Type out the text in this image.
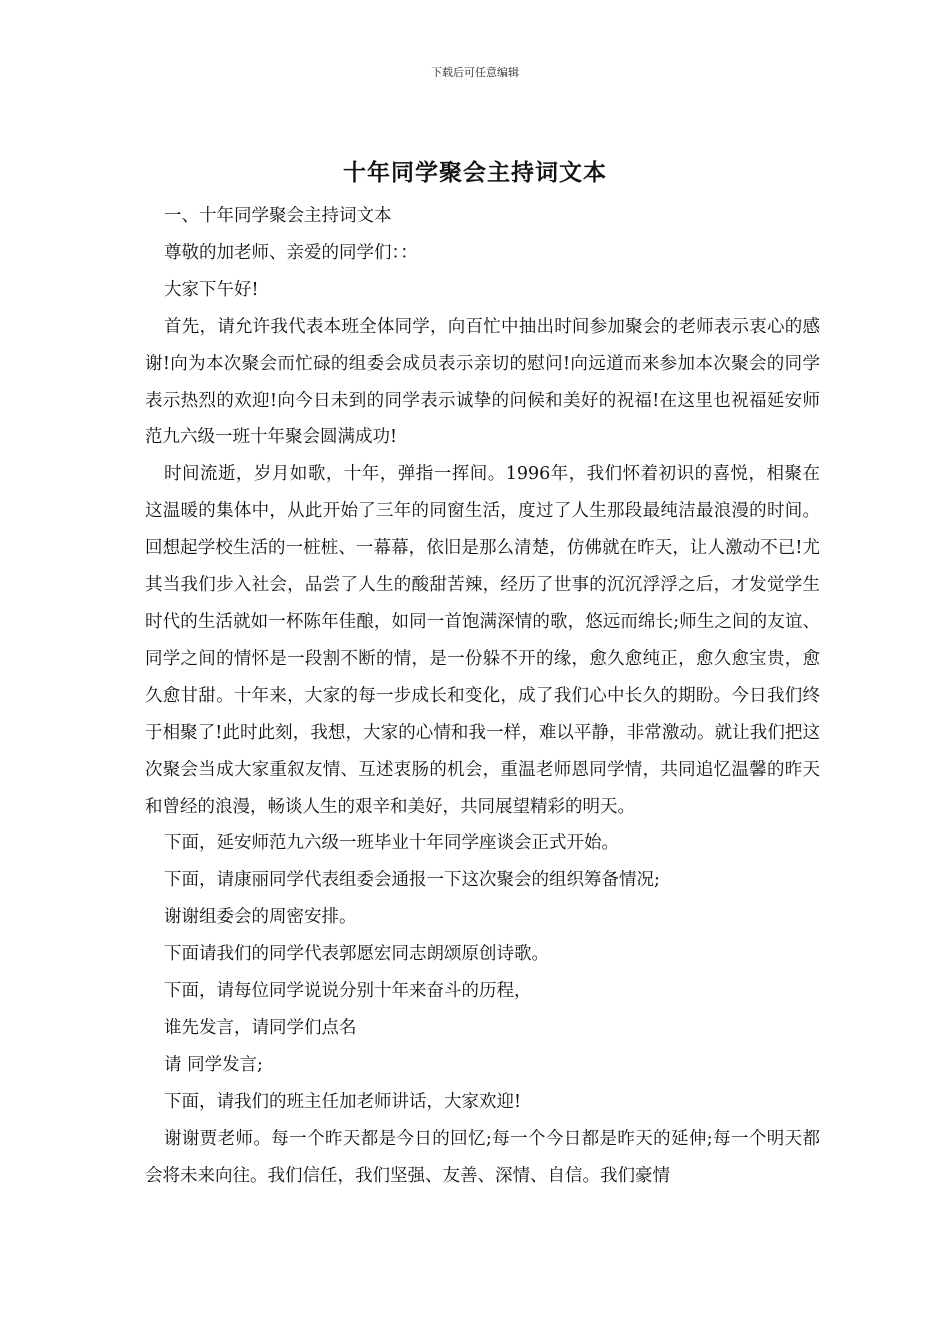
下载后可任意编辑
十年同学聚会主持词文本

一、十年同学聚会主持词文本

尊敬的加老师、亲爱的同学们：：

大家下午好!

首先，请允许我代表本班全体同学，向百忙中抽出时间参加聚会的老师表示衷心的感谢!向为本次聚会而忙碌的组委会成员表示亲切的慰问!向远道而来参加本次聚会的同学表示热烈的欢迎!向今日未到的同学表示诚挚的问候和美好的祝福!在这里也祝福延安师范九六级一班十年聚会圆满成功!

时间流逝，岁月如歌，十年，弹指一挥间。1996年，我们怀着初识的喜悦，相聚在这温暖的集体中，从此开始了三年的同窗生活，度过了人生那段最纯洁最浪漫的时间。回想起学校生活的一桩桩、一幕幕，依旧是那么清楚，仿佛就在昨天，让人激动不已!尤其当我们步入社会，品尝了人生的酸甜苦辣，经历了世事的沉沉浮浮之后，才发觉学生时代的生活就如一杯陈年佳酿，如同一首饱满深情的歌，悠远而绵长;师生之间的友谊、同学之间的情怀是一段割不断的情，是一份躲不开的缘，愈久愈纯正，愈久愈宝贵，愈久愈甘甜。十年来，大家的每一步成长和变化，成了我们心中长久的期盼。今日我们终于相聚了!此时此刻，我想，大家的心情和我一样，难以平静，非常激动。就让我们把这次聚会当成大家重叙友情、互述衷肠的机会，重温老师恩同学情，共同追忆温馨的昨天和曾经的浪漫，畅谈人生的艰辛和美好，共同展望精彩的明天。

下面，延安师范九六级一班毕业十年同学座谈会正式开始。

下面，请康丽同学代表组委会通报一下这次聚会的组织筹备情况;

谢谢组委会的周密安排。

下面请我们的同学代表郭愿宏同志朗颂原创诗歌。

下面，请每位同学说说分别十年来奋斗的历程，

谁先发言，请同学们点名

请 同学发言;

下面，请我们的班主任加老师讲话，大家欢迎!

谢谢贾老师。每一个昨天都是今日的回忆;每一个今日都是昨天的延伸;每一个明天都会将未来向往。我们信任，我们坚强、友善、深情、自信。我们豪情
